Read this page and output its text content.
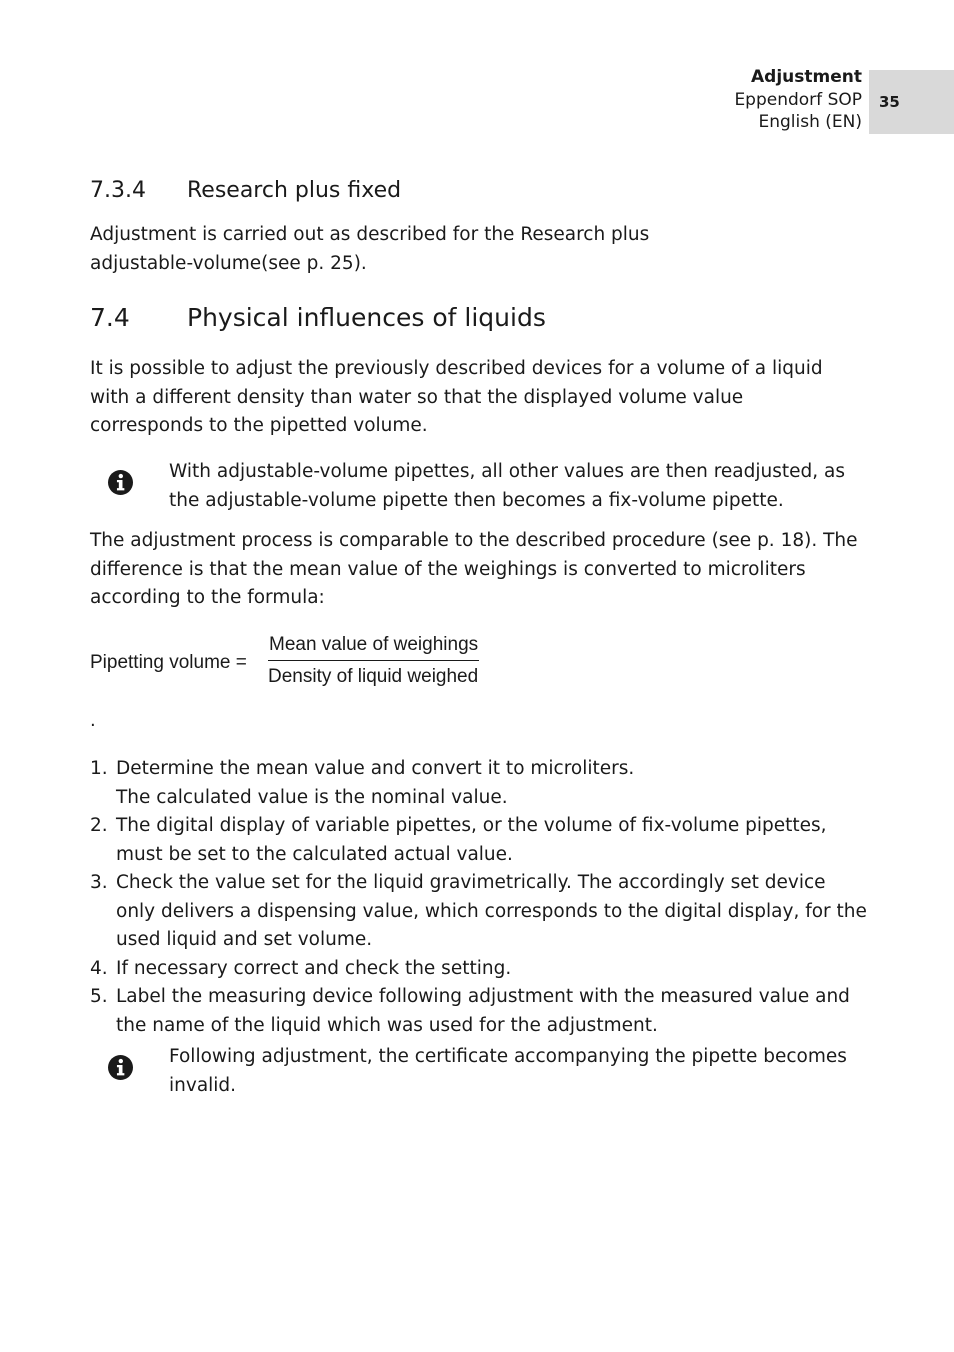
Adjustment
Eppendorf SOP
English (EN)
35
7.3.4 Research plus fixed

Adjustment is carried out as described for the Research plus adjustable-volume(see p. 25).

7.4 Physical influences of liquids

It is possible to adjust the previously described devices for a volume of a liquid with a different density than water so that the displayed volume value corresponds to the pipetted volume.

With adjustable-volume pipettes, all other values are then readjusted, as the adjustable-volume pipette then becomes a fix-volume pipette.

The adjustment process is comparable to the described procedure (see p. 18). The difference is that the mean value of the weighings is converted to microliters according to the formula:

Pipetting volume =
Mean value of weighings
Density of liquid weighed
.
1. Determine the mean value and convert it to microliters.
The calculated value is the nominal value.
2. The digital display of variable pipettes, or the volume of fix-volume pipettes, must be set to the calculated actual value.
3. Check the value set for the liquid gravimetrically. The accordingly set device only delivers a dispensing value, which corresponds to the digital display, for the used liquid and set volume.
4. If necessary correct and check the setting.
5. Label the measuring device following adjustment with the measured value and the name of the liquid which was used for the adjustment.
Following adjustment, the certificate accompanying the pipette becomes invalid.
